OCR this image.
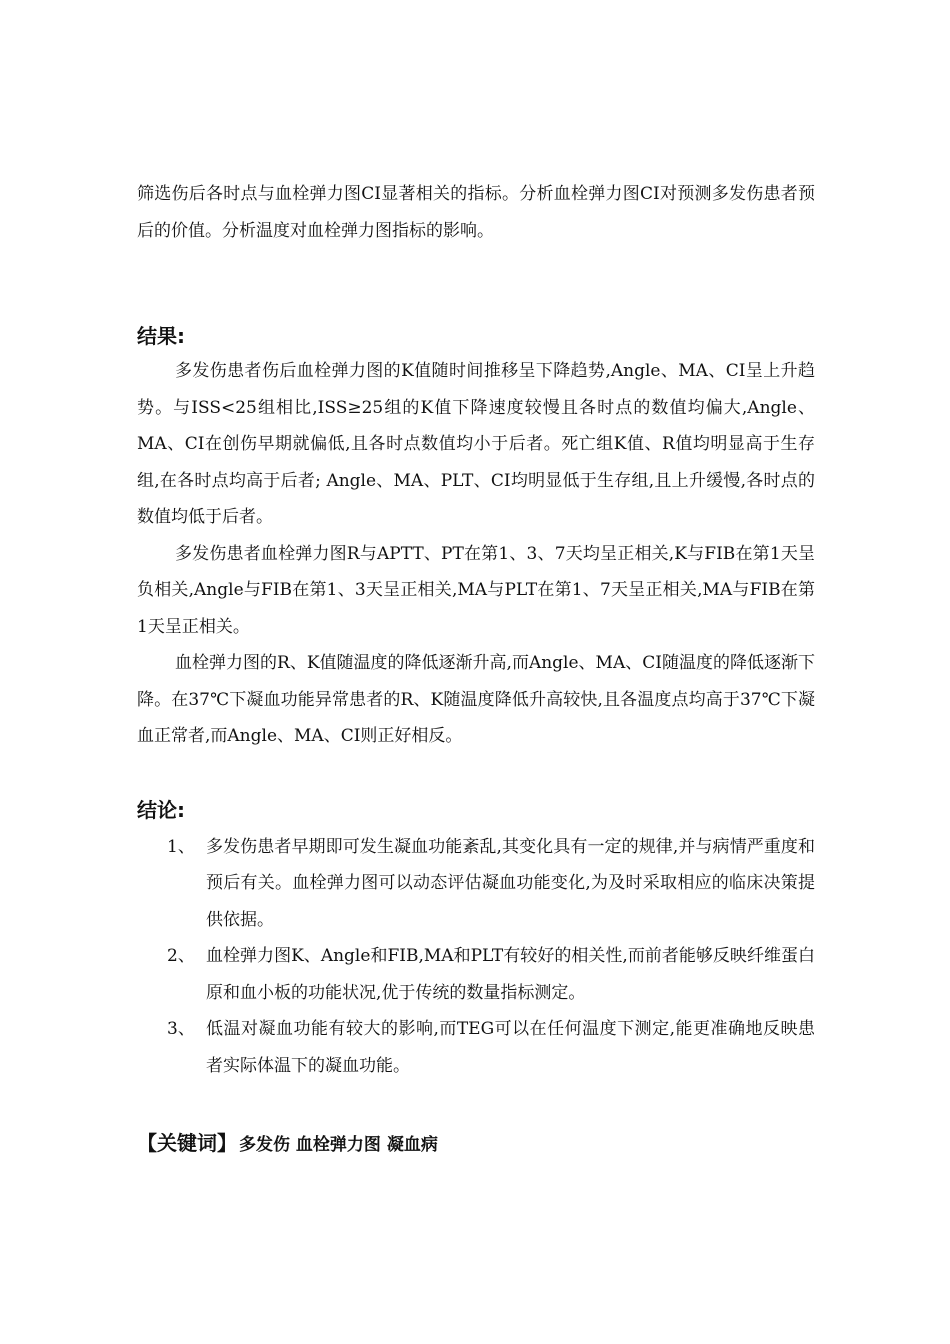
筛选伤后各时点与血栓弹力图CI显著相关的指标。分析血栓弹力图CI对预测多发伤患者预后的价值。分析温度对血栓弹力图指标的影响。

结果:

多发伤患者伤后血栓弹力图的K值随时间推移呈下降趋势,Angle、MA、CI呈上升趋势。与ISS<25组相比,ISS≥25组的K值下降速度较慢且各时点的数值均偏大,Angle、MA、CI在创伤早期就偏低,且各时点数值均小于后者。死亡组K值、R值均明显高于生存组,在各时点均高于后者; Angle、MA、PLT、CI均明显低于生存组,且上升缓慢,各时点的数值均低于后者。

多发伤患者血栓弹力图R与APTT、PT在第1、3、7天均呈正相关,K与FIB在第1天呈负相关,Angle与FIB在第1、3天呈正相关,MA与PLT在第1、7天呈正相关,MA与FIB在第1天呈正相关。

血栓弹力图的R、K值随温度的降低逐渐升高,而Angle、MA、CI随温度的降低逐渐下降。在37℃下凝血功能异常患者的R、K随温度降低升高较快,且各温度点均高于37℃下凝血正常者,而Angle、MA、CI则正好相反。

结论:
1、 多发伤患者早期即可发生凝血功能紊乱,其变化具有一定的规律,并与病情严重度和预后有关。血栓弹力图可以动态评估凝血功能变化,为及时采取相应的临床决策提供依据。
2、 血栓弹力图K、Angle和FIB,MA和PLT有较好的相关性,而前者能够反映纤维蛋白原和血小板的功能状况,优于传统的数量指标测定。
3、 低温对凝血功能有较大的影响,而TEG可以在任何温度下测定,能更准确地反映患者实际体温下的凝血功能。
【关键词】 多发伤 血栓弹力图 凝血病
